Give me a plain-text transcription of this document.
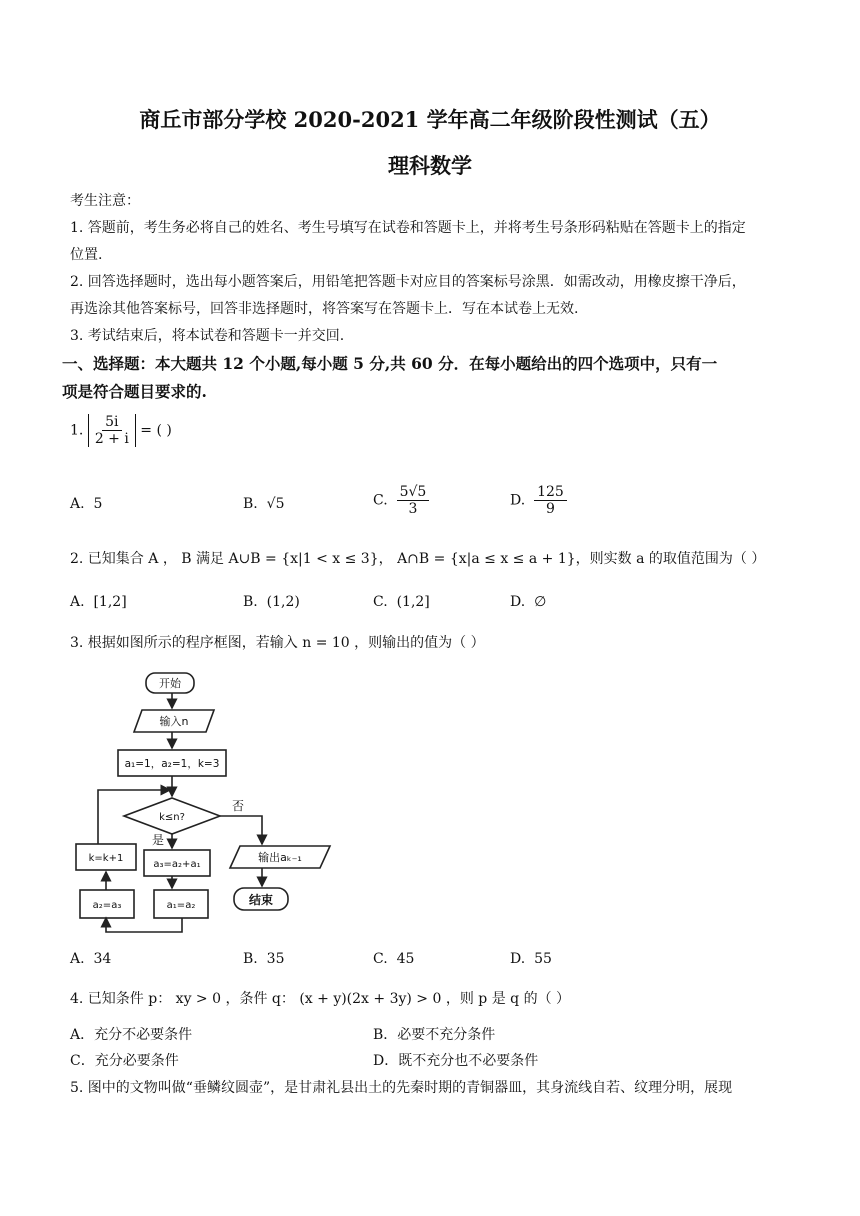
商丘市部分学校 2020-2021 学年高二年级阶段性测试（五）
理科数学
考生注意：
1. 答题前，考生务必将自己的姓名、考生号填写在试卷和答题卡上，并将考生号条形码粘贴在答题卡上的指定
位置.
2. 回答选择题时，选出每小题答案后，用铅笔把答题卡对应目的答案标号涂黑．如需改动，用橡皮擦干净后，
再选涂其他答案标号，回答非选择题时，将答案写在答题卡上．写在本试卷上无效.
3. 考试结束后，将本试卷和答题卡一并交回.
一、选择题：本大题共 12 个小题,每小题 5 分,共 60 分．在每小题给出的四个选项中，只有一
项是符合题目要求的.
1. $\frac{5i}{2 + i}$ = ( )
A. 5	B. √5	C. $\frac{5√5}{3}$	D. $\frac{125}{9}$
2. 已知集合 A ， B 满足 A∪B = {x|1 < x ≤ 3}， A∩B = {x|a ≤ x ≤ a + 1}，则实数 a 的取值范围为（ ）
A. [1,2]	B. (1,2)	C. (1,2]	D. ∅
3. 根据如图所示的程序框图，若输入 n = 10 ，则输出的值为（ ）
开始
输入n
a₁=1，a₂=1，k=3
k≤n?
否
是
a₃=a₂+a₁
输出aₖ₋₁
结束
k=k+1
a₂=a₃	a₁=a₂
A. 34	B. 35	C. 45	D. 55
4. 已知条件 p： xy > 0 ，条件 q： (x + y)(2x + 3y) > 0 ，则 p 是 q 的（ ）
A．充分不必要条件	B．必要不充分条件
C．充分必要条件	D．既不充分也不必要条件
5. 图中的文物叫做“垂鳞纹圆壶”，是甘肃礼县出土的先秦时期的青铜器皿，其身流线自若、纹理分明，展现
